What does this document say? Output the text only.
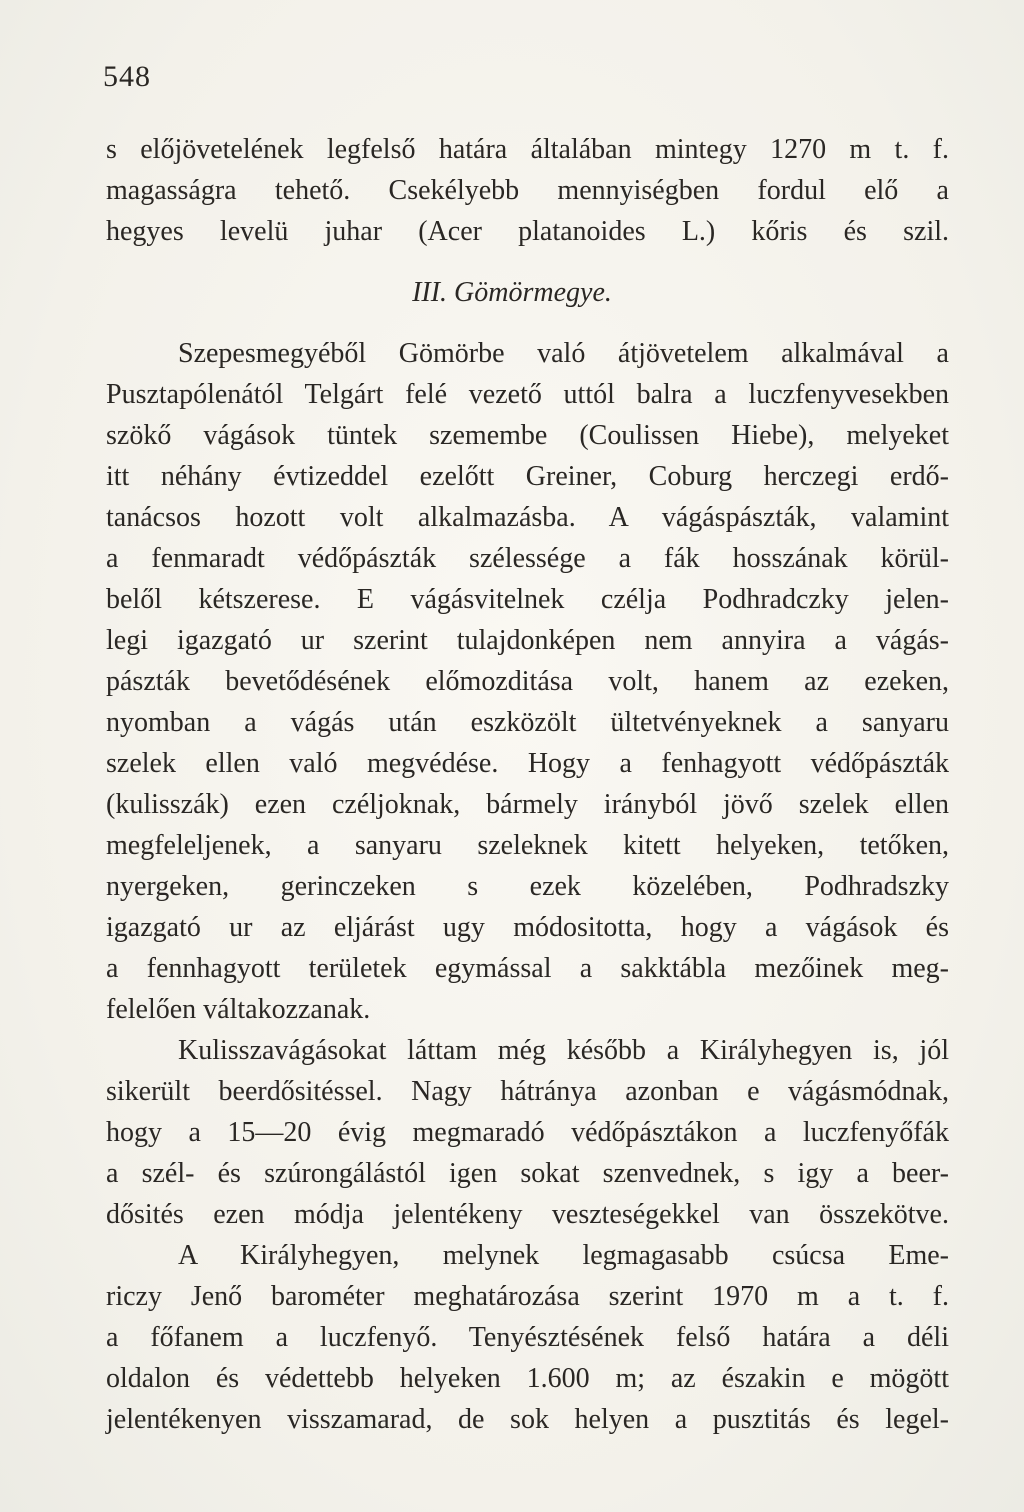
548
s előjövetelének legfelső határa általában mintegy 1270 m t. f.
magasságra tehető. Csekélyebb mennyiségben fordul elő a
hegyes levelü juhar (Acer platanoides L.) kőris és szil.
III. Gömörmegye.
Szepesmegyéből Gömörbe való átjövetelem alkalmával a
Pusztapólenától Telgárt felé vezető uttól balra a luczfenyvesekben
szökő vágások tüntek szemembe (Coulissen Hiebe), melyeket
itt néhány évtizeddel ezelőtt Greiner, Coburg herczegi erdő-
tanácsos hozott volt alkalmazásba. A vágáspászták, valamint
a fenmaradt védőpászták szélessége a fák hosszának körül-
belől kétszerese. E vágásvitelnek czélja Podhradczky jelen-
legi igazgató ur szerint tulajdonképen nem annyira a vágás-
pászták bevetődésének előmozditása volt, hanem az ezeken,
nyomban a vágás után eszközölt ültetvényeknek a sanyaru
szelek ellen való megvédése. Hogy a fenhagyott védőpászták
(kulisszák) ezen czéljoknak, bármely irányból jövő szelek ellen
megfeleljenek, a sanyaru szeleknek kitett helyeken, tetőken,
nyergeken, gerinczeken s ezek közelében, Podhradszky
igazgató ur az eljárást ugy módositotta, hogy a vágások és
a fennhagyott területek egymással a sakktábla mezőinek meg-
felelően váltakozzanak.
Kulisszavágásokat láttam még később a Királyhegyen is, jól
sikerült beerdősitéssel. Nagy hátránya azonban e vágásmódnak,
hogy a 15—20 évig megmaradó védőpásztákon a luczfenyőfák
a szél- és szúrongálástól igen sokat szenvednek, s igy a beer-
dősités ezen módja jelentékeny veszteségekkel van összekötve.
A Királyhegyen, melynek legmagasabb csúcsa Eme-
riczy Jenő barométer meghatározása szerint 1970 m a t. f.
a főfanem a luczfenyő. Tenyésztésének felső határa a déli
oldalon és védettebb helyeken 1.600 m; az északin e mögött
jelentékenyen visszamarad, de sok helyen a pusztitás és legel-
